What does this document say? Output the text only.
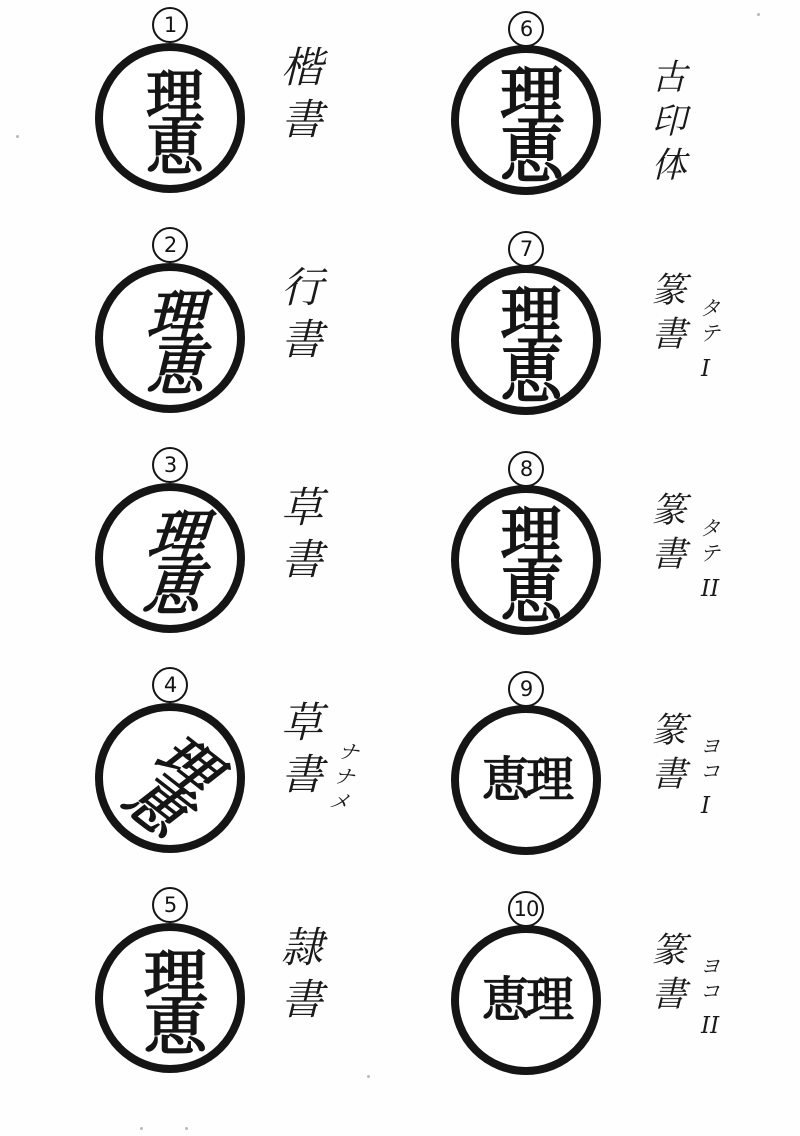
1
理恵 楷書
2
理恵 行書
3
理恵 草書
4
理恵 草書 ナナメ
5
理恵 隷書
6
理恵 古印体
7
理恵 篆書 タテ
I
8
理恵 篆書 タテ
II
9
恵理 篆書 ヨコ
I
10
恵理 篆書 ヨコ
II
